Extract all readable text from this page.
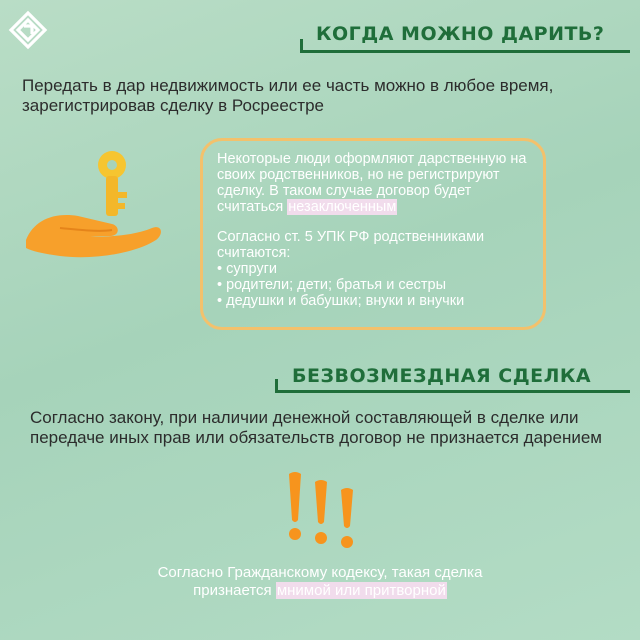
КОГДА МОЖНО ДАРИТЬ?

Передать в дар недвижимость или ее часть можно в любое время, зарегистрировав сделку в Росреестре

Некоторые люди оформляют дарственную на своих родственников, но не регистрируют сделку. В таком случае договор будет считаться незаключенным

Согласно ст. 5 УПК РФ родственниками считаются:

• супруги

• родители; дети; братья и сестры

• дедушки и бабушки; внуки и внучки

БЕЗВОЗМЕЗДНАЯ СДЕЛКА

Согласно закону, при наличии денежной составляющей в сделке или передаче иных прав или обязательств договор не признается дарением

Согласно Гражданскому кодексу, такая сделка
признается мнимой или притворной
